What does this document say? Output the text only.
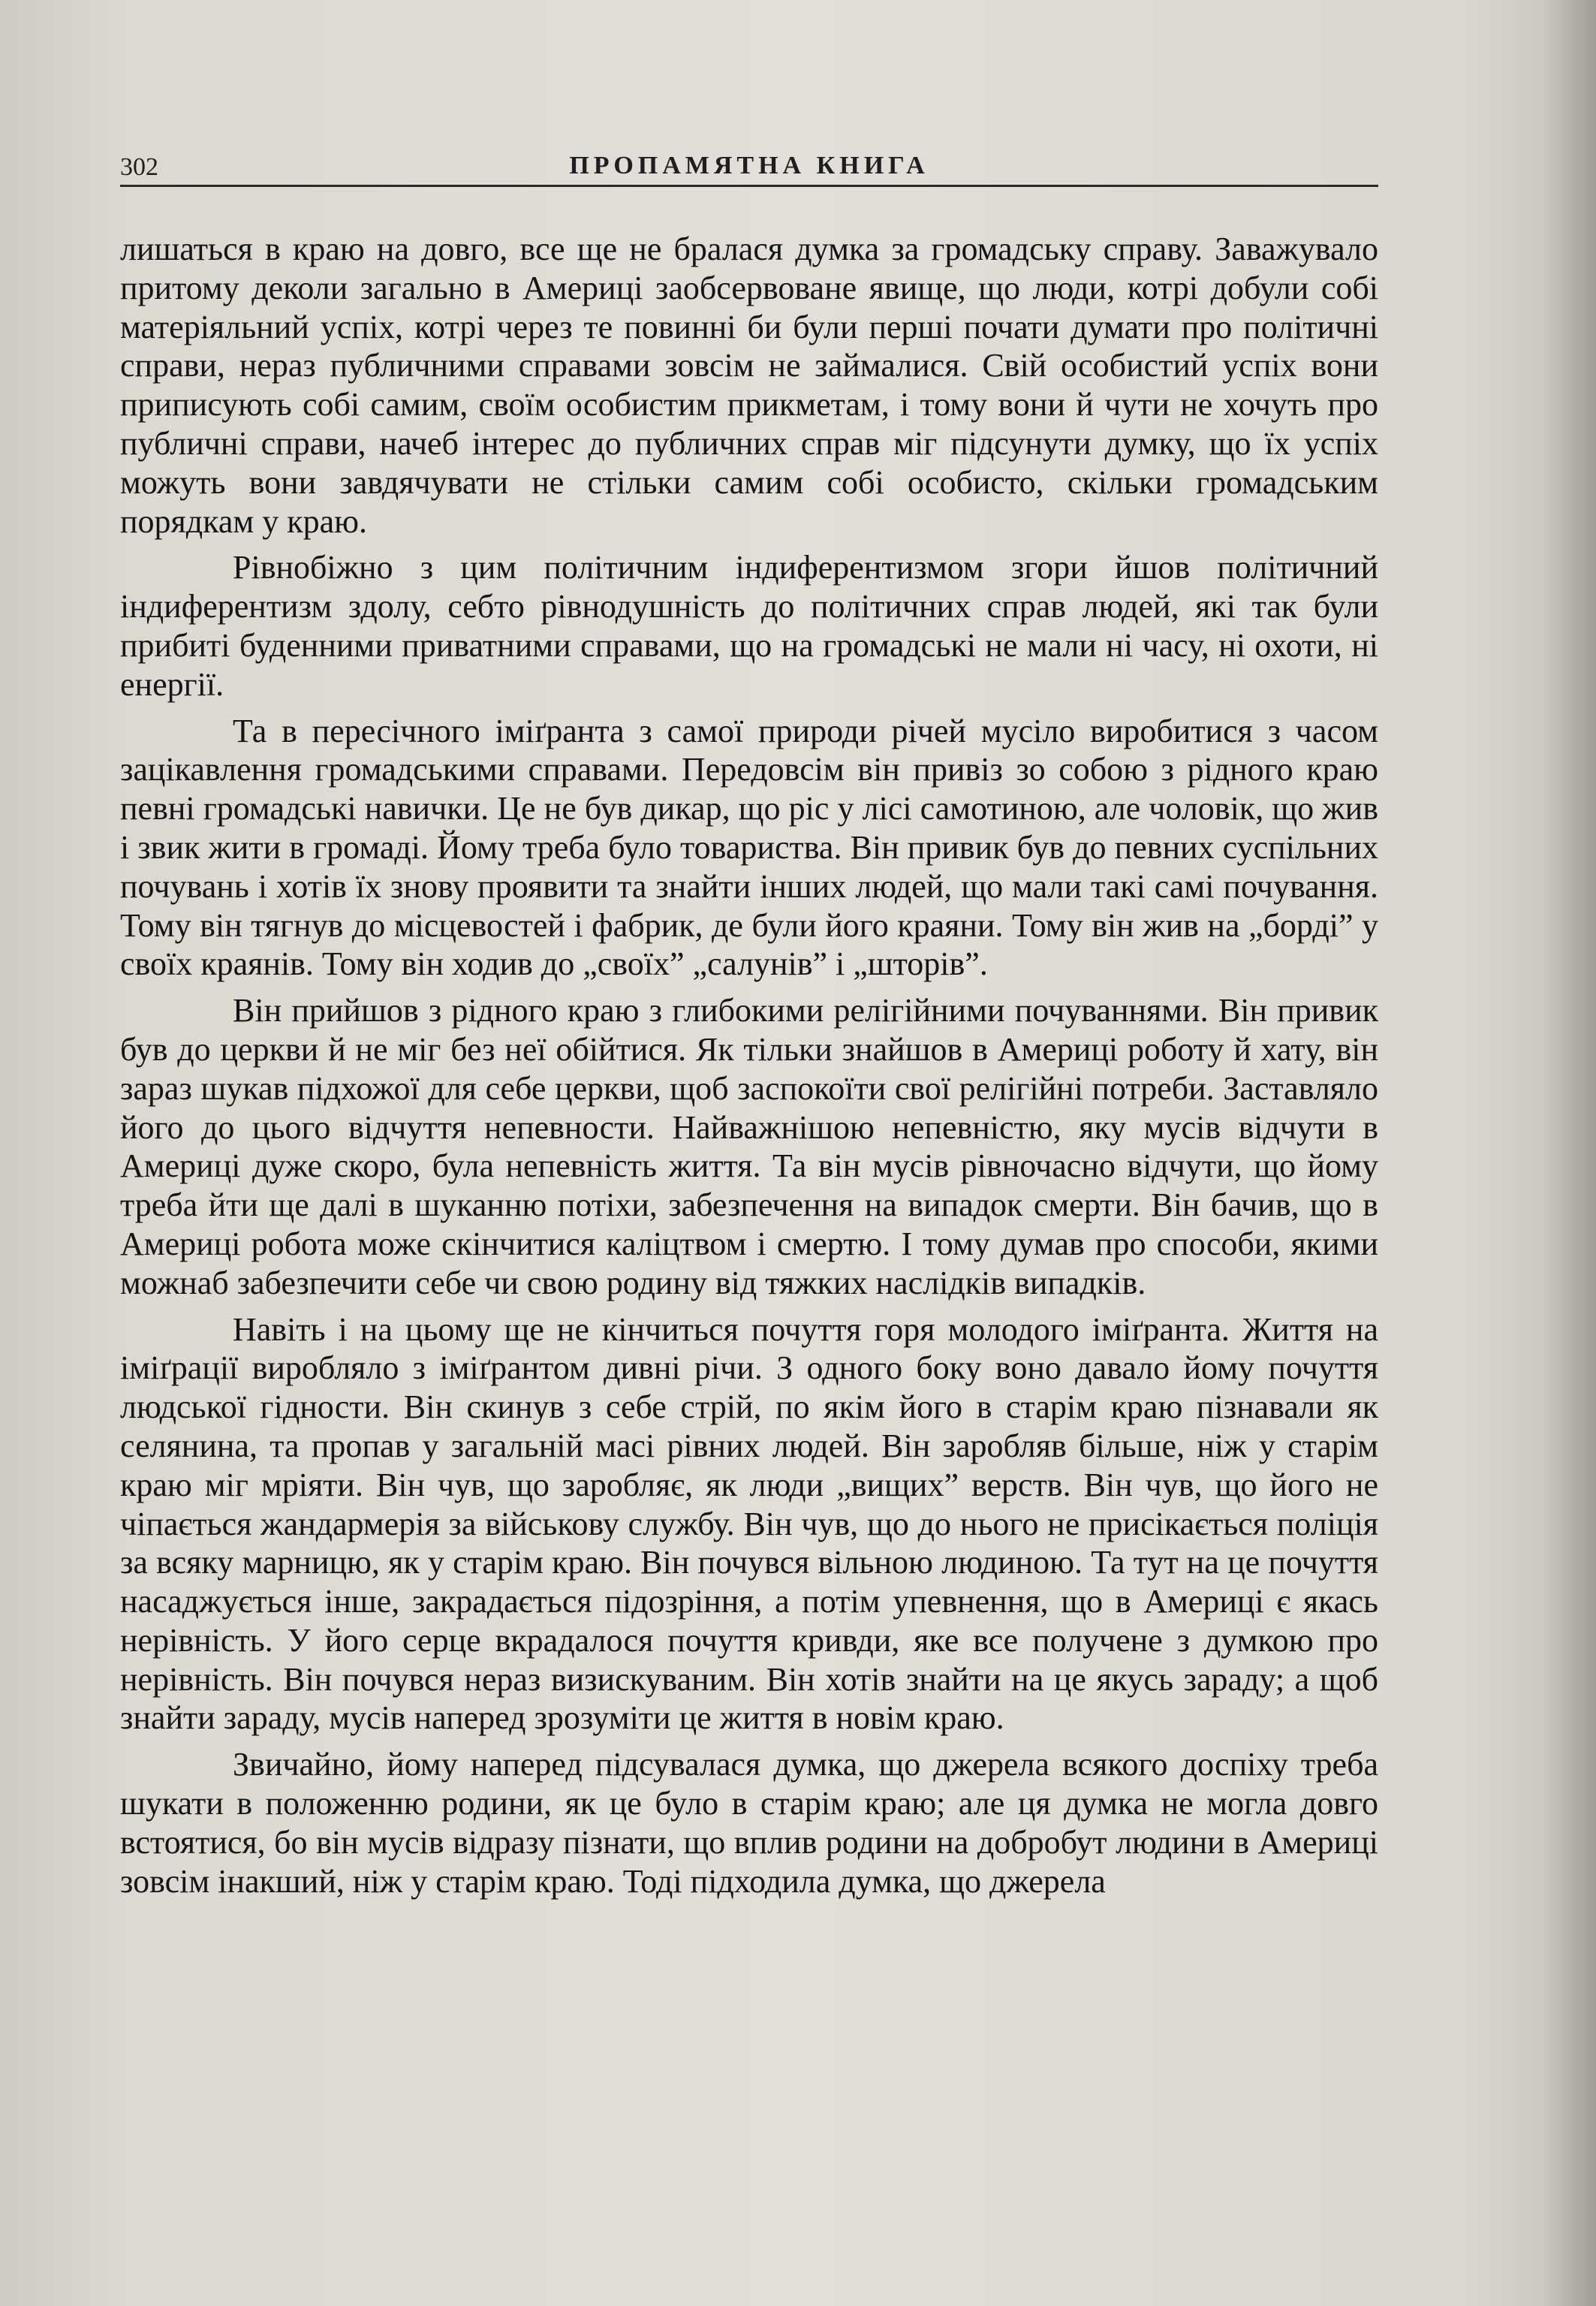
302	ПРОПАМЯТНА КНИГА

лишаться в краю на довго, все ще не бралася думка за громадську справу. Заважувало притому деколи загально в Америці заобсервоване явище, що люди, котрі добули собі матеріяльний успіх, котрі через те повинні би були перші почати думати про політичні справи, нераз публичними справами зовсім не займалися. Свій особистий успіх вони приписують собі самим, своїм особистим прикметам, і тому вони й чути не хочуть про публичні справи, начеб інтерес до публичних справ міг підсунути думку, що їх успіх можуть вони завдячувати не стільки самим собі особисто, скільки громадським порядкам у краю.

Рівнобіжно з цим політичним індиферентизмом згори йшов політичний індиферентизм здолу, себто рівнодушність до політичних справ людей, які так були прибиті буденними приватними справами, що на громадські не мали ні часу, ні охоти, ні енергії.

Та в пересічного іміґранта з самої природи річей мусіло виробитися з часом зацікавлення громадськими справами. Передовсім він привіз зо собою з рідного краю певні громадські навички. Це не був дикар, що ріс у лісі самотиною, але чоловік, що жив і звик жити в громаді. Йому треба було товариства. Він привик був до певних суспільних почувань і хотів їх знову проявити та знайти інших людей, що мали такі самі почування. Тому він тягнув до місцевостей і фабрик, де були його краяни. Тому він жив на „борді” у своїх краянів. Тому він ходив до „своїх” „салунів” і „шторів”.

Він прийшов з рідного краю з глибокими релігійними почуваннями. Він привик був до церкви й не міг без неї обійтися. Як тільки знайшов в Америці роботу й хату, він зараз шукав підхожої для себе церкви, щоб заспокоїти свої релігійні потреби. Заставляло його до цього відчуття непевности. Найважнішою непевністю, яку мусів відчути в Америці дуже скоро, була непевність життя. Та він мусів рівночасно відчути, що йому треба йти ще далі в шуканню потіхи, забезпечення на випадок смерти. Він бачив, що в Америці робота може скінчитися каліцтвом і смертю. І тому думав про способи, якими можнаб забезпечити себе чи свою родину від тяжких наслідків випадків.

Навіть і на цьому ще не кінчиться почуття горя молодого іміґранта. Життя на іміґрації виробляло з іміґрантом дивні річи. З одного боку воно давало йому почуття людської гідности. Він скинув з себе стрій, по якім його в старім краю пізнавали як селянина, та пропав у загальній масі рівних людей. Він заробляв більше, ніж у старім краю міг мріяти. Він чув, що заробляє, як люди „вищих” верств. Він чув, що його не чіпається жандармерія за військову службу. Він чув, що до нього не присікається поліція за всяку марницю, як у старім краю. Він почувся вільною людиною. Та тут на це почуття насаджується інше, закрадається підозріння, а потім упевнення, що в Америці є якась нерівність. У його серце вкрадалося почуття кривди, яке все получене з думкою про нерівність. Він почувся нераз визискуваним. Він хотів знайти на це якусь зараду; а щоб знайти зараду, мусів наперед зрозуміти це життя в новім краю.

Звичайно, йому наперед підсувалася думка, що джерела всякого доспіху треба шукати в положенню родини, як це було в старім краю; але ця думка не могла довго встоятися, бо він мусів відразу пізнати, що вплив родини на добробут людини в Америці зовсім інакший, ніж у старім краю. Тоді підходила думка, що джерела
